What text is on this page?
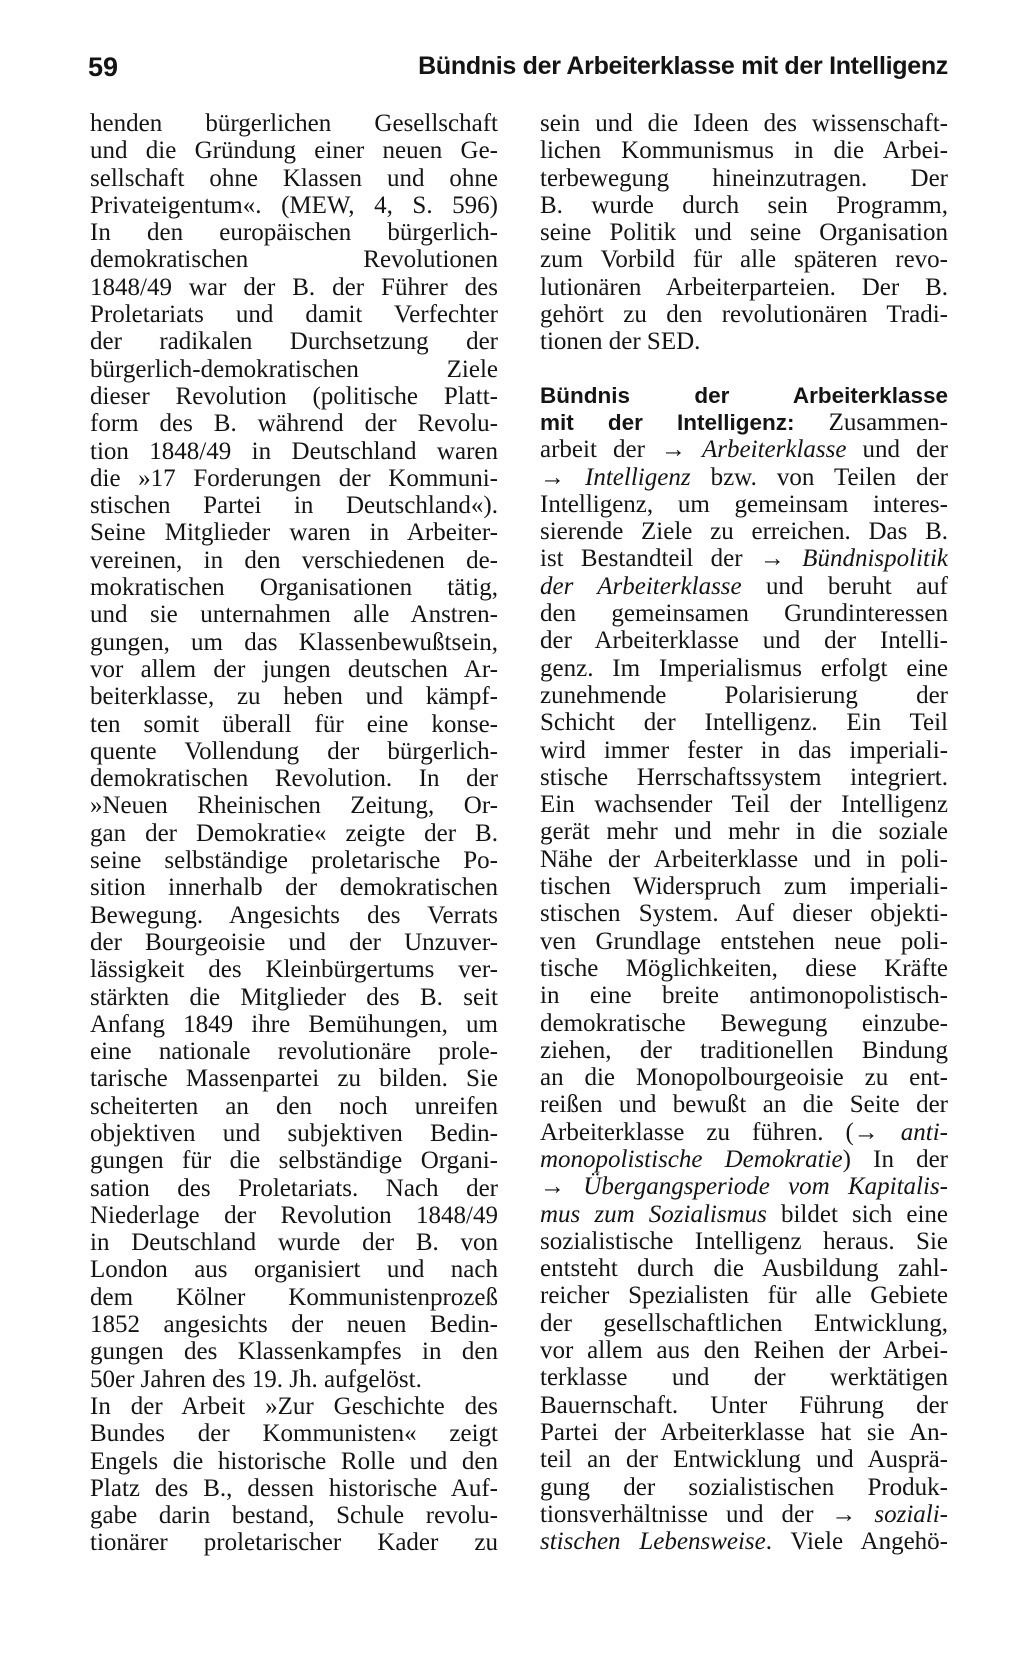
59	Bündnis der Arbeiterklasse mit der Intelligenz
henden bürgerlichen Gesellschaft
und die Gründung einer neuen Ge-
sellschaft ohne Klassen und ohne
Privateigentum«. (MEW, 4, S. 596)
In den europäischen bürgerlich-
demokratischen Revolutionen
1848/49 war der B. der Führer des
Proletariats und damit Verfechter
der radikalen Durchsetzung der
bürgerlich-demokratischen Ziele
dieser Revolution (politische Platt-
form des B. während der Revolu-
tion 1848/49 in Deutschland waren
die »17 Forderungen der Kommuni-
stischen Partei in Deutschland«).
Seine Mitglieder waren in Arbeiter-
vereinen, in den verschiedenen de-
mokratischen Organisationen tätig,
und sie unternahmen alle Anstren-
gungen, um das Klassenbewußtsein,
vor allem der jungen deutschen Ar-
beiterklasse, zu heben und kämpf-
ten somit überall für eine konse-
quente Vollendung der bürgerlich-
demokratischen Revolution. In der
»Neuen Rheinischen Zeitung, Or-
gan der Demokratie« zeigte der B.
seine selbständige proletarische Po-
sition innerhalb der demokratischen
Bewegung. Angesichts des Verrats
der Bourgeoisie und der Unzuver-
lässigkeit des Kleinbürgertums ver-
stärkten die Mitglieder des B. seit
Anfang 1849 ihre Bemühungen, um
eine nationale revolutionäre prole-
tarische Massenpartei zu bilden. Sie
scheiterten an den noch unreifen
objektiven und subjektiven Bedin-
gungen für die selbständige Organi-
sation des Proletariats. Nach der
Niederlage der Revolution 1848/49
in Deutschland wurde der B. von
London aus organisiert und nach
dem Kölner Kommunistenprozeß
1852 angesichts der neuen Bedin-
gungen des Klassenkampfes in den
50er Jahren des 19. Jh. aufgelöst.
In der Arbeit »Zur Geschichte des
Bundes der Kommunisten« zeigt
Engels die historische Rolle und den
Platz des B., dessen historische Auf-
gabe darin bestand, Schule revolu-
tionärer proletarischer Kader zu
sein und die Ideen des wissenschaft-
lichen Kommunismus in die Arbei-
terbewegung hineinzutragen. Der
B. wurde durch sein Programm,
seine Politik und seine Organisation
zum Vorbild für alle späteren revo-
lutionären Arbeiterparteien. Der B.
gehört zu den revolutionären Tradi-
tionen der SED.
Bündnis der Arbeiterklasse
mit der Intelligenz: Zusammen-
arbeit der → Arbeiterklasse und der
→ Intelligenz bzw. von Teilen der
Intelligenz, um gemeinsam interes-
sierende Ziele zu erreichen. Das B.
ist Bestandteil der → Bündnispolitik
der Arbeiterklasse und beruht auf
den gemeinsamen Grundinteressen
der Arbeiterklasse und der Intelli-
genz. Im Imperialismus erfolgt eine
zunehmende Polarisierung der
Schicht der Intelligenz. Ein Teil
wird immer fester in das imperiali-
stische Herrschaftssystem integriert.
Ein wachsender Teil der Intelligenz
gerät mehr und mehr in die soziale
Nähe der Arbeiterklasse und in poli-
tischen Widerspruch zum imperiali-
stischen System. Auf dieser objekti-
ven Grundlage entstehen neue poli-
tische Möglichkeiten, diese Kräfte
in eine breite antimonopolistisch-
demokratische Bewegung einzube-
ziehen, der traditionellen Bindung
an die Monopolbourgeoisie zu ent-
reißen und bewußt an die Seite der
Arbeiterklasse zu führen. (→ anti-
monopolistische Demokratie) In der
→ Übergangsperiode vom Kapitalis-
mus zum Sozialismus bildet sich eine
sozialistische Intelligenz heraus. Sie
entsteht durch die Ausbildung zahl-
reicher Spezialisten für alle Gebiete
der gesellschaftlichen Entwicklung,
vor allem aus den Reihen der Arbei-
terklasse und der werktätigen
Bauernschaft. Unter Führung der
Partei der Arbeiterklasse hat sie An-
teil an der Entwicklung und Ausprä-
gung der sozialistischen Produk-
tionsverhältnisse und der → soziali-
stischen Lebensweise. Viele Angehö-
